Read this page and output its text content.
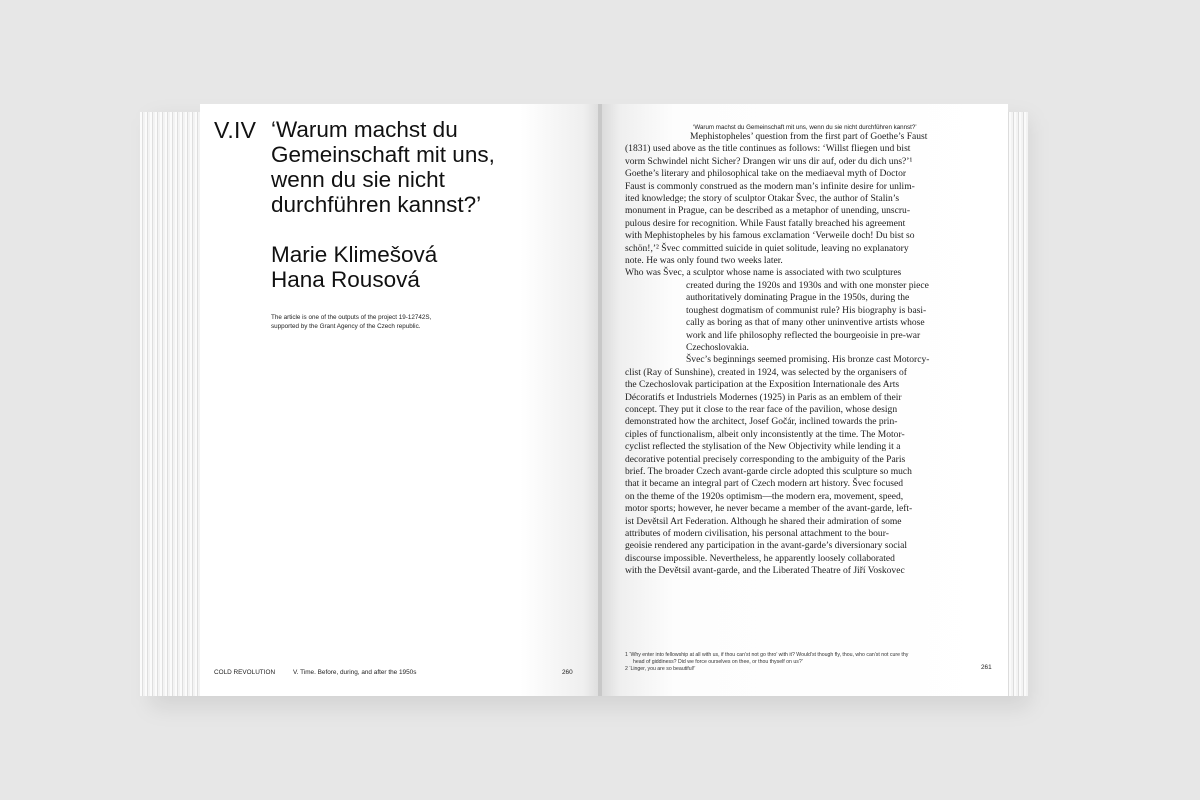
V.IV ‘Warum machst du
Gemeinschaft mit uns,
wenn du sie nicht
durchführen kannst?’
Marie Klimešová
Hana Rousová
The article is one of the outputs of the project 19-12742S,
supported by the Grant Agency of the Czech republic.
COLD REVOLUTION	V. Time. Before, during, and after the 1950s	260
‘Warum machst du Gemeinschaft mit uns, wenn du sie nicht durchführen kannst?’

Mephistopheles’ question from the first part of Goethe’s Faust
(1831) used above as the title continues as follows: ‘Willst fliegen und bist
vorm Schwindel nicht Sicher? Drangen wir uns dir auf, oder du dich uns?’¹
Goethe’s literary and philosophical take on the mediaeval myth of Doctor
Faust is commonly construed as the modern man’s infinite desire for unlim-
ited knowledge; the story of sculptor Otakar Švec, the author of Stalin’s
monument in Prague, can be described as a metaphor of unending, unscru-
pulous desire for recognition. While Faust fatally breached his agreement
with Mephistopheles by his famous exclamation ‘Verweile doch! Du bist so
schön!,’² Švec committed suicide in quiet solitude, leaving no explanatory
note. He was only found two weeks later.

Who was Švec, a sculptor whose name is associated with two sculptures
created during the 1920s and 1930s and with one monster piece
authoritatively dominating Prague in the 1950s, during the
toughest dogmatism of communist rule? His biography is basi-
cally as boring as that of many other uninventive artists whose
work and life philosophy reflected the bourgeoisie in pre-war
Czechoslovakia.

Švec’s beginnings seemed promising. His bronze cast Motorcy-
clist (Ray of Sunshine), created in 1924, was selected by the organisers of
the Czechoslovak participation at the Exposition Internationale des Arts
Décoratifs et Industriels Modernes (1925) in Paris as an emblem of their
concept. They put it close to the rear face of the pavilion, whose design
demonstrated how the architect, Josef Gočár, inclined towards the prin-
ciples of functionalism, albeit only inconsistently at the time. The Motor-
cyclist reflected the stylisation of the New Objectivity while lending it a
decorative potential precisely corresponding to the ambiguity of the Paris
brief. The broader Czech avant-garde circle adopted this sculpture so much
that it became an integral part of Czech modern art history. Švec focused
on the theme of the 1920s optimism—the modern era, movement, speed,
motor sports; however, he never became a member of the avant-garde, left-
ist Devětsil Art Federation. Although he shared their admiration of some
attributes of modern civilisation, his personal attachment to the bour-
geoisie rendered any participation in the avant-garde’s diversionary social
discourse impossible. Nevertheless, he apparently loosely collaborated
with the Devětsil avant-garde, and the Liberated Theatre of Jiří Voskovec

1 ‘Why enter into fellowship at all with us, if thou can’st not go thro’ with it? Would’st though fly, thou, who can’st not cure thy
head of giddiness? Did we force ourselves on thee, or thou thyself on us?’
2 ‘Linger, you are so beautiful!’	261
